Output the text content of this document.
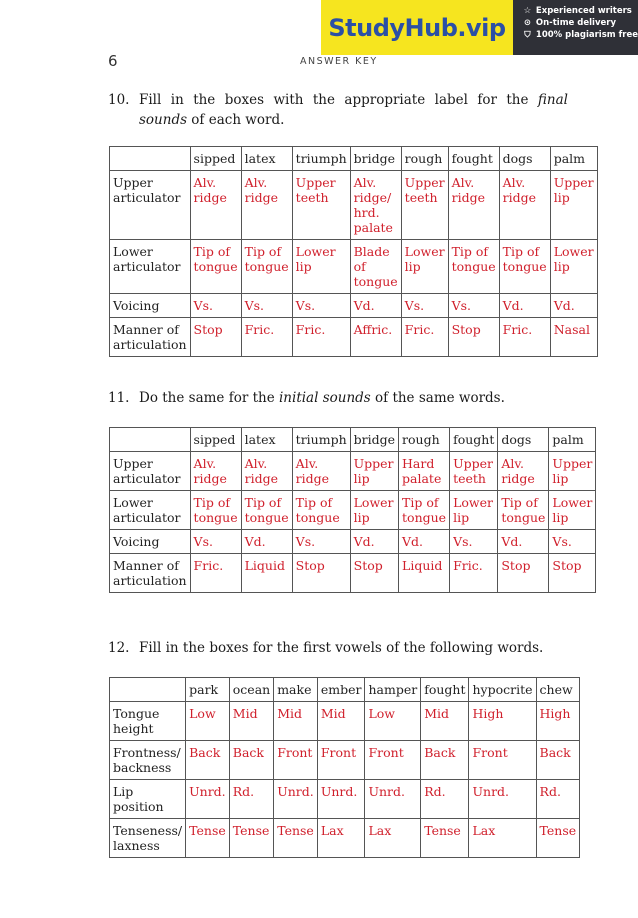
StudyHub.vip
☆ Experienced writers
⊙ On-time delivery
⛉ 100% plagiarism free
6	ANSWER KEY
10. Fill in the boxes with the appropriate label for the final sounds of each word.
	sipped	latex	triumph	bridge	rough	fought	dogs	palm
Upper articulator	Alv. ridge	Alv. ridge	Upper teeth	Alv. ridge/ hrd. palate	Upper teeth	Alv. ridge	Alv. ridge	Upper lip
Lower articulator	Tip of tongue	Tip of tongue	Lower lip	Blade of tongue	Lower lip	Tip of tongue	Tip of tongue	Lower lip
Voicing	Vs.	Vs.	Vs.	Vd.	Vs.	Vs.	Vd.	Vd.
Manner of articulation	Stop	Fric.	Fric.	Affric.	Fric.	Stop	Fric.	Nasal
11. Do the same for the initial sounds of the same words.
	sipped	latex	triumph	bridge	rough	fought	dogs	palm
Upper articulator	Alv. ridge	Alv. ridge	Alv. ridge	Upper lip	Hard palate	Upper teeth	Alv. ridge	Upper lip
Lower articulator	Tip of tongue	Tip of tongue	Tip of tongue	Lower lip	Tip of tongue	Lower lip	Tip of tongue	Lower lip
Voicing	Vs.	Vd.	Vs.	Vd.	Vd.	Vs.	Vd.	Vs.
Manner of articulation	Fric.	Liquid	Stop	Stop	Liquid	Fric.	Stop	Stop
12. Fill in the boxes for the first vowels of the following words.
	park	ocean	make	ember	hamper	fought	hypocrite	chew
Tongue height	Low	Mid	Mid	Mid	Low	Mid	High	High
Frontness/ backness	Back	Back	Front	Front	Front	Back	Front	Back
Lip position	Unrd.	Rd.	Unrd.	Unrd.	Unrd.	Rd.	Unrd.	Rd.
Tenseness/ laxness	Tense	Tense	Tense	Lax	Lax	Tense	Lax	Tense
